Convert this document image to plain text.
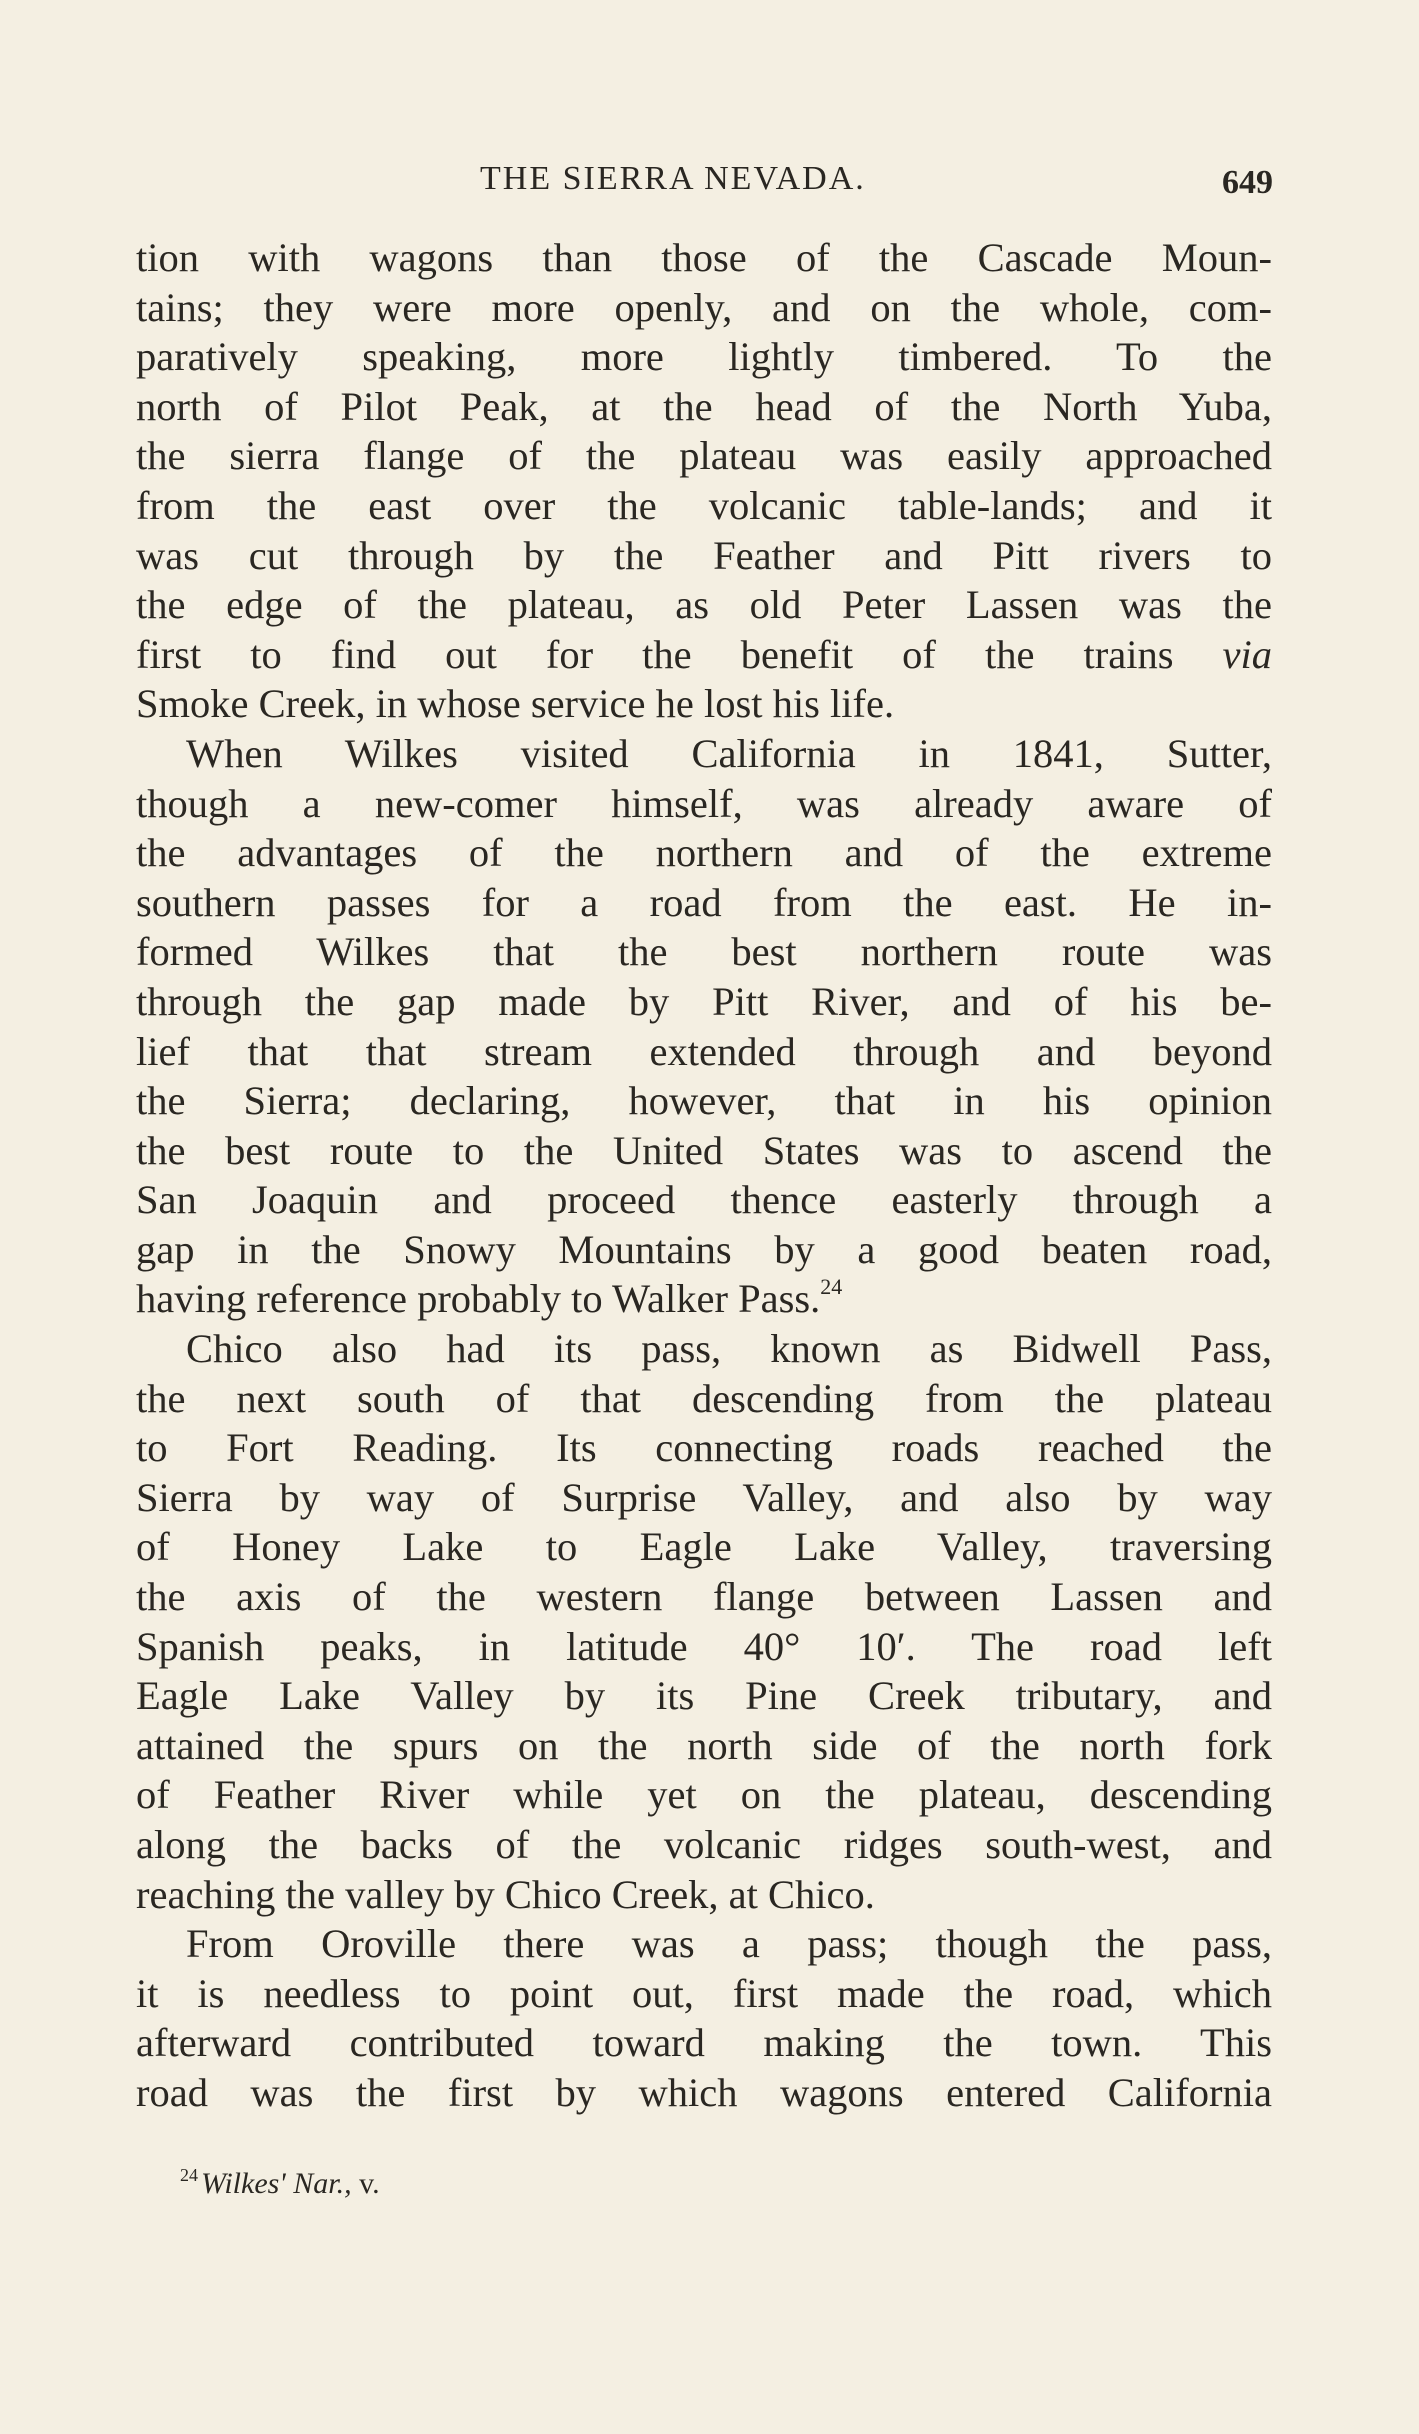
THE SIERRA NEVADA.	649
tion with wagons than those of the Cascade Moun-
tains; they were more openly, and on the whole, com-
paratively speaking, more lightly timbered. To the
north of Pilot Peak, at the head of the North Yuba,
the sierra flange of the plateau was easily approached
from the east over the volcanic table-lands; and it
was cut through by the Feather and Pitt rivers to
the edge of the plateau, as old Peter Lassen was the
first to find out for the benefit of the trains via
Smoke Creek, in whose service he lost his life.
When Wilkes visited California in 1841, Sutter,
though a new-comer himself, was already aware of
the advantages of the northern and of the extreme
southern passes for a road from the east. He in-
formed Wilkes that the best northern route was
through the gap made by Pitt River, and of his be-
lief that that stream extended through and beyond
the Sierra; declaring, however, that in his opinion
the best route to the United States was to ascend the
San Joaquin and proceed thence easterly through a
gap in the Snowy Mountains by a good beaten road,
having reference probably to Walker Pass.$^{24}$
Chico also had its pass, known as Bidwell Pass,
the next south of that descending from the plateau
to Fort Reading. Its connecting roads reached the
Sierra by way of Surprise Valley, and also by way
of Honey Lake to Eagle Lake Valley, traversing
the axis of the western flange between Lassen and
Spanish peaks, in latitude 40° 10′. The road left
Eagle Lake Valley by its Pine Creek tributary, and
attained the spurs on the north side of the north fork
of Feather River while yet on the plateau, descending
along the backs of the volcanic ridges south-west, and
reaching the valley by Chico Creek, at Chico.
From Oroville there was a pass; though the pass,
it is needless to point out, first made the road, which
afterward contributed toward making the town. This
road was the first by which wagons entered California
$^{24}$ Wilkes' Nar., v.
